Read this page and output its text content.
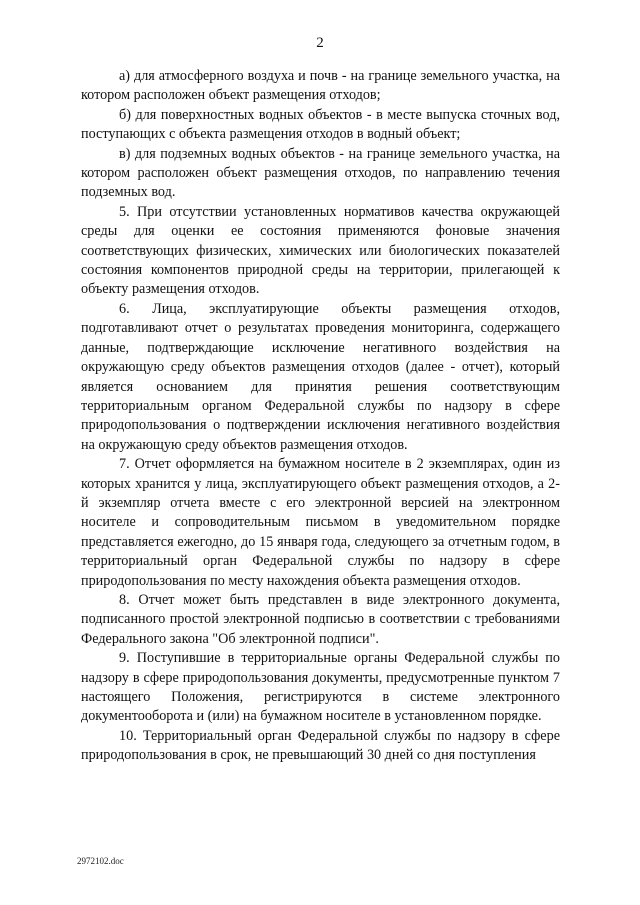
2

а) для атмосферного воздуха и почв - на границе земельного участка, на котором расположен объект размещения отходов;

б) для поверхностных водных объектов - в месте выпуска сточных вод, поступающих с объекта размещения отходов в водный объект;

в) для подземных водных объектов - на границе земельного участка, на котором расположен объект размещения отходов, по направлению течения подземных вод.

5. При отсутствии установленных нормативов качества окружающей среды для оценки ее состояния применяются фоновые значения соответствующих физических, химических или биологических показателей состояния компонентов природной среды на территории, прилегающей к объекту размещения отходов.

6. Лица, эксплуатирующие объекты размещения отходов, подготавливают отчет о результатах проведения мониторинга, содержащего данные, подтверждающие исключение негативного воздействия на окружающую среду объектов размещения отходов (далее - отчет), который является основанием для принятия решения соответствующим территориальным органом Федеральной службы по надзору в сфере природопользования о подтверждении исключения негативного воздействия на окружающую среду объектов размещения отходов.

7. Отчет оформляется на бумажном носителе в 2 экземплярах, один из которых хранится у лица, эксплуатирующего объект размещения отходов, а 2-й экземпляр отчета вместе с его электронной версией на электронном носителе и сопроводительным письмом в уведомительном порядке представляется ежегодно, до 15 января года, следующего за отчетным годом, в территориальный орган Федеральной службы по надзору в сфере природопользования по месту нахождения объекта размещения отходов.

8. Отчет может быть представлен в виде электронного документа, подписанного простой электронной подписью в соответствии с требованиями Федерального закона "Об электронной подписи".

9. Поступившие в территориальные органы Федеральной службы по надзору в сфере природопользования документы, предусмотренные пунктом 7 настоящего Положения, регистрируются в системе электронного документооборота и (или) на бумажном носителе в установленном порядке.

10. Территориальный орган Федеральной службы по надзору в сфере природопользования в срок, не превышающий 30 дней со дня поступления

2972102.doc
